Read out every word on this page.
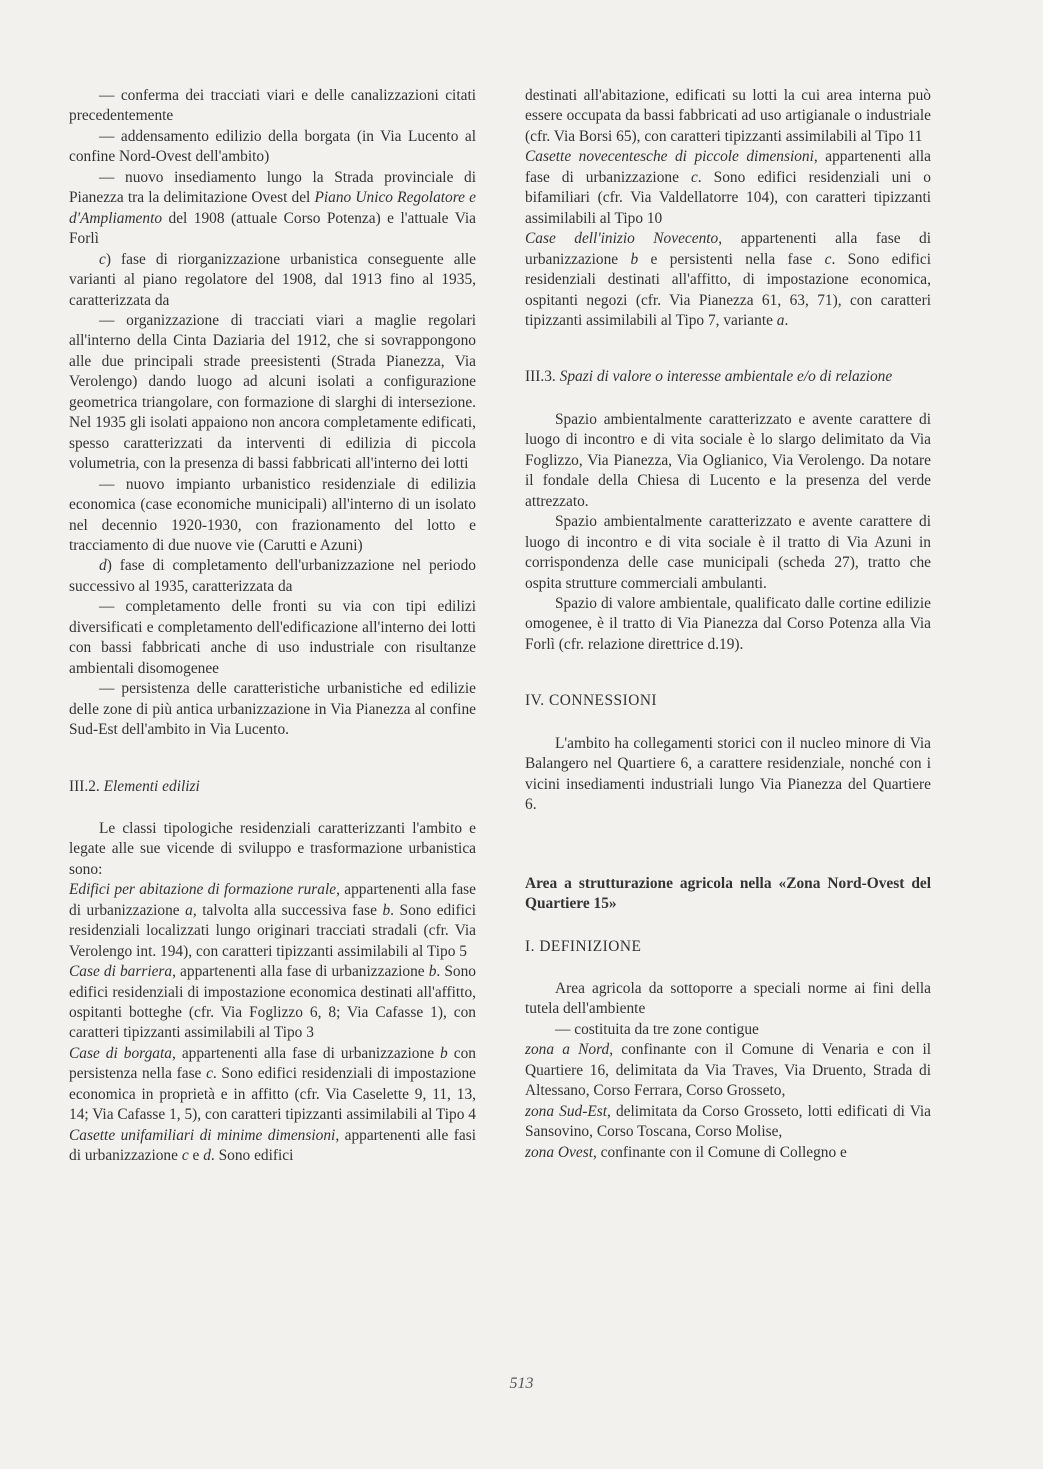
— conferma dei tracciati viari e delle canalizzazioni citati precedentemente

— addensamento edilizio della borgata (in Via Lucento al confine Nord-Ovest dell'ambito)

— nuovo insediamento lungo la Strada provinciale di Pianezza tra la delimitazione Ovest del Piano Unico Regolatore e d'Ampliamento del 1908 (attuale Corso Potenza) e l'attuale Via Forlì

c) fase di riorganizzazione urbanistica conseguente alle varianti al piano regolatore del 1908, dal 1913 fino al 1935, caratterizzata da

— organizzazione di tracciati viari a maglie regolari all'interno della Cinta Daziaria del 1912, che si sovrappongono alle due principali strade preesistenti (Strada Pianezza, Via Verolengo) dando luogo ad alcuni isolati a configurazione geometrica triangolare, con formazione di slarghi di intersezione. Nel 1935 gli isolati appaiono non ancora completamente edificati, spesso caratterizzati da interventi di edilizia di piccola volumetria, con la presenza di bassi fabbricati all'interno dei lotti

— nuovo impianto urbanistico residenziale di edilizia economica (case economiche municipali) all'interno di un isolato nel decennio 1920-1930, con frazionamento del lotto e tracciamento di due nuove vie (Carutti e Azuni)

d) fase di completamento dell'urbanizzazione nel periodo successivo al 1935, caratterizzata da

— completamento delle fronti su via con tipi edilizi diversificati e completamento dell'edificazione all'interno dei lotti con bassi fabbricati anche di uso industriale con risultanze ambientali disomogenee

— persistenza delle caratteristiche urbanistiche ed edilizie delle zone di più antica urbanizzazione in Via Pianezza al confine Sud-Est dell'ambito in Via Lucento.

III.2. Elementi edilizi

Le classi tipologiche residenziali caratterizzanti l'ambito e legate alle sue vicende di sviluppo e trasformazione urbanistica sono:

Edifici per abitazione di formazione rurale, appartenenti alla fase di urbanizzazione a, talvolta alla successiva fase b. Sono edifici residenziali localizzati lungo originari tracciati stradali (cfr. Via Verolengo int. 194), con caratteri tipizzanti assimilabili al Tipo 5

Case di barriera, appartenenti alla fase di urbanizzazione b. Sono edifici residenziali di impostazione economica destinati all'affitto, ospitanti botteghe (cfr. Via Foglizzo 6, 8; Via Cafasse 1), con caratteri tipizzanti assimilabili al Tipo 3

Case di borgata, appartenenti alla fase di urbanizzazione b con persistenza nella fase c. Sono edifici residenziali di impostazione economica in proprietà e in affitto (cfr. Via Caselette 9, 11, 13, 14; Via Cafasse 1, 5), con caratteri tipizzanti assimilabili al Tipo 4

Casette unifamiliari di minime dimensioni, appartenenti alle fasi di urbanizzazione c e d. Sono edifici

destinati all'abitazione, edificati su lotti la cui area interna può essere occupata da bassi fabbricati ad uso artigianale o industriale (cfr. Via Borsi 65), con caratteri tipizzanti assimilabili al Tipo 11

Casette novecentesche di piccole dimensioni, appartenenti alla fase di urbanizzazione c. Sono edifici residenziali uni o bifamiliari (cfr. Via Valdellatorre 104), con caratteri tipizzanti assimilabili al Tipo 10

Case dell'inizio Novecento, appartenenti alla fase di urbanizzazione b e persistenti nella fase c. Sono edifici residenziali destinati all'affitto, di impostazione economica, ospitanti negozi (cfr. Via Pianezza 61, 63, 71), con caratteri tipizzanti assimilabili al Tipo 7, variante a.

III.3. Spazi di valore o interesse ambientale e/o di relazione

Spazio ambientalmente caratterizzato e avente carattere di luogo di incontro e di vita sociale è lo slargo delimitato da Via Foglizzo, Via Pianezza, Via Oglianico, Via Verolengo. Da notare il fondale della Chiesa di Lucento e la presenza del verde attrezzato.

Spazio ambientalmente caratterizzato e avente carattere di luogo di incontro e di vita sociale è il tratto di Via Azuni in corrispondenza delle case municipali (scheda 27), tratto che ospita strutture commerciali ambulanti.

Spazio di valore ambientale, qualificato dalle cortine edilizie omogenee, è il tratto di Via Pianezza dal Corso Potenza alla Via Forlì (cfr. relazione direttrice d.19).

IV. CONNESSIONI

L'ambito ha collegamenti storici con il nucleo minore di Via Balangero nel Quartiere 6, a carattere residenziale, nonché con i vicini insediamenti industriali lungo Via Pianezza del Quartiere 6.

Area a strutturazione agricola nella «Zona Nord-Ovest del Quartiere 15»

I. DEFINIZIONE

Area agricola da sottoporre a speciali norme ai fini della tutela dell'ambiente

— costituita da tre zone contigue

zona a Nord, confinante con il Comune di Venaria e con il Quartiere 16, delimitata da Via Traves, Via Druento, Strada di Altessano, Corso Ferrara, Corso Grosseto,

zona Sud-Est, delimitata da Corso Grosseto, lotti edificati di Via Sansovino, Corso Toscana, Corso Molise,

zona Ovest, confinante con il Comune di Collegno e

513
